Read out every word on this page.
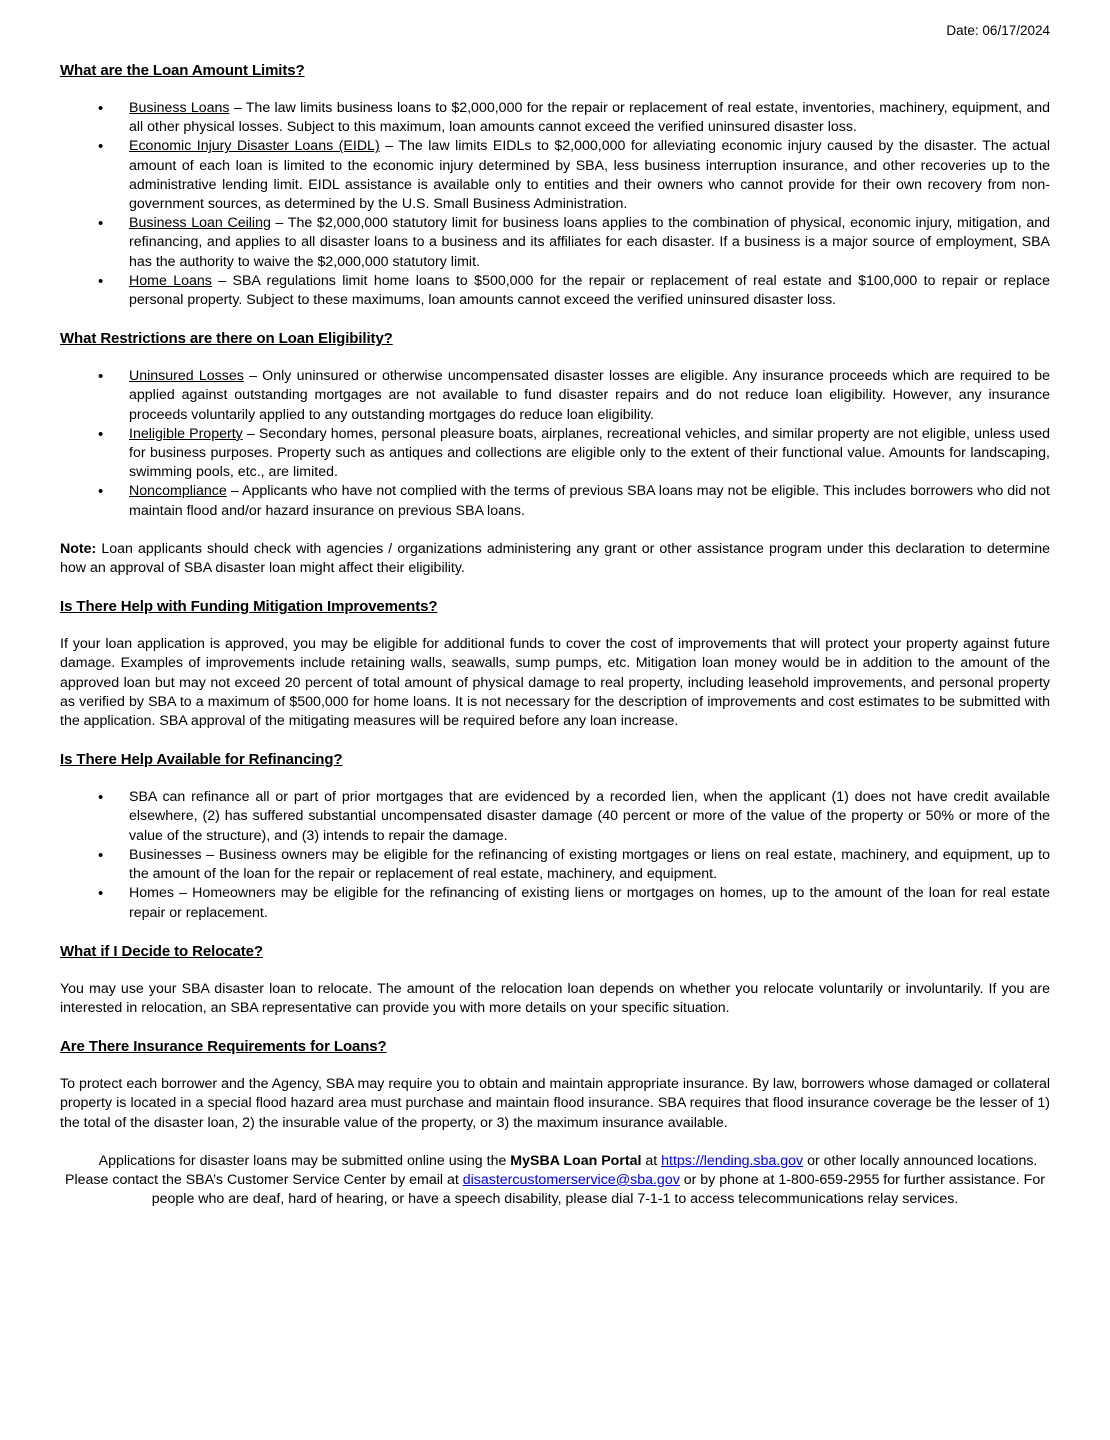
Date: 06/17/2024
What are the Loan Amount Limits?
• Business Loans – The law limits business loans to $2,000,000 for the repair or replacement of real estate, inventories, machinery, equipment, and all other physical losses. Subject to this maximum, loan amounts cannot exceed the verified uninsured disaster loss.
• Economic Injury Disaster Loans (EIDL) – The law limits EIDLs to $2,000,000 for alleviating economic injury caused by the disaster. The actual amount of each loan is limited to the economic injury determined by SBA, less business interruption insurance, and other recoveries up to the administrative lending limit. EIDL assistance is available only to entities and their owners who cannot provide for their own recovery from non-government sources, as determined by the U.S. Small Business Administration.
• Business Loan Ceiling – The $2,000,000 statutory limit for business loans applies to the combination of physical, economic injury, mitigation, and refinancing, and applies to all disaster loans to a business and its affiliates for each disaster. If a business is a major source of employment, SBA has the authority to waive the $2,000,000 statutory limit.
• Home Loans – SBA regulations limit home loans to $500,000 for the repair or replacement of real estate and $100,000 to repair or replace personal property. Subject to these maximums, loan amounts cannot exceed the verified uninsured disaster loss.
What Restrictions are there on Loan Eligibility?
• Uninsured Losses – Only uninsured or otherwise uncompensated disaster losses are eligible. Any insurance proceeds which are required to be applied against outstanding mortgages are not available to fund disaster repairs and do not reduce loan eligibility. However, any insurance proceeds voluntarily applied to any outstanding mortgages do reduce loan eligibility.
• Ineligible Property – Secondary homes, personal pleasure boats, airplanes, recreational vehicles, and similar property are not eligible, unless used for business purposes. Property such as antiques and collections are eligible only to the extent of their functional value. Amounts for landscaping, swimming pools, etc., are limited.
• Noncompliance – Applicants who have not complied with the terms of previous SBA loans may not be eligible. This includes borrowers who did not maintain flood and/or hazard insurance on previous SBA loans.

Note: Loan applicants should check with agencies / organizations administering any grant or other assistance program under this declaration to determine how an approval of SBA disaster loan might affect their eligibility.

Is There Help with Funding Mitigation Improvements?

If your loan application is approved, you may be eligible for additional funds to cover the cost of improvements that will protect your property against future damage. Examples of improvements include retaining walls, seawalls, sump pumps, etc. Mitigation loan money would be in addition to the amount of the approved loan but may not exceed 20 percent of total amount of physical damage to real property, including leasehold improvements, and personal property as verified by SBA to a maximum of $500,000 for home loans. It is not necessary for the description of improvements and cost estimates to be submitted with the application. SBA approval of the mitigating measures will be required before any loan increase.

Is There Help Available for Refinancing?
• SBA can refinance all or part of prior mortgages that are evidenced by a recorded lien, when the applicant (1) does not have credit available elsewhere, (2) has suffered substantial uncompensated disaster damage (40 percent or more of the value of the property or 50% or more of the value of the structure), and (3) intends to repair the damage.
• Businesses – Business owners may be eligible for the refinancing of existing mortgages or liens on real estate, machinery, and equipment, up to the amount of the loan for the repair or replacement of real estate, machinery, and equipment.
• Homes – Homeowners may be eligible for the refinancing of existing liens or mortgages on homes, up to the amount of the loan for real estate repair or replacement.
What if I Decide to Relocate?

You may use your SBA disaster loan to relocate. The amount of the relocation loan depends on whether you relocate voluntarily or involuntarily. If you are interested in relocation, an SBA representative can provide you with more details on your specific situation.

Are There Insurance Requirements for Loans?

To protect each borrower and the Agency, SBA may require you to obtain and maintain appropriate insurance. By law, borrowers whose damaged or collateral property is located in a special flood hazard area must purchase and maintain flood insurance. SBA requires that flood insurance coverage be the lesser of 1) the total of the disaster loan, 2) the insurable value of the property, or 3) the maximum insurance available.

Applications for disaster loans may be submitted online using the MySBA Loan Portal at https://lending.sba.gov or other locally announced locations. Please contact the SBA’s Customer Service Center by email at disastercustomerservice@sba.gov or by phone at 1-800-659-2955 for further assistance. For people who are deaf, hard of hearing, or have a speech disability, please dial 7-1-1 to access telecommunications relay services.
